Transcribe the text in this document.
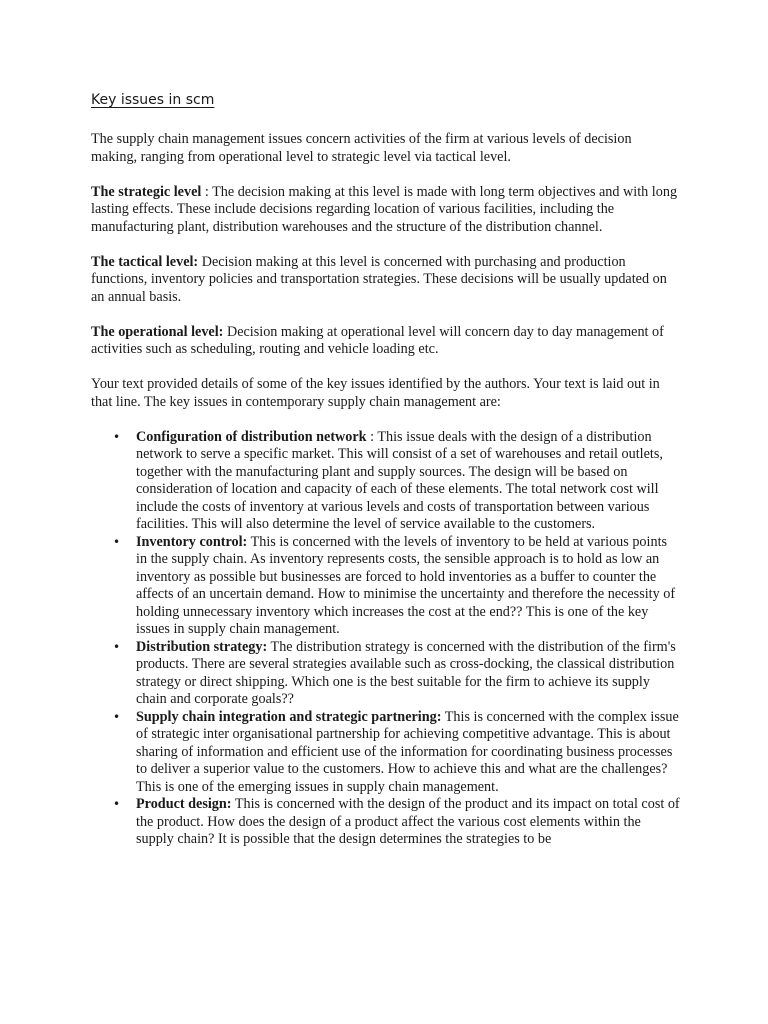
Key issues in scm

The supply chain management issues concern activities of the firm at various levels of decision making, ranging from operational level to strategic level via tactical level.

The strategic level : The decision making at this level is made with long term objectives and with long lasting effects. These include decisions regarding location of various facilities, including the manufacturing plant, distribution warehouses and the structure of the distribution channel.

The tactical level: Decision making at this level is concerned with purchasing and production functions, inventory policies and transportation strategies. These decisions will be usually updated on an annual basis.

The operational level: Decision making at operational level will concern day to day management of activities such as scheduling, routing and vehicle loading etc.

Your text provided details of some of the key issues identified by the authors. Your text is laid out in that line. The key issues in contemporary supply chain management are:

• Configuration of distribution network : This issue deals with the design of a distribution network to serve a specific market. This will consist of a set of warehouses and retail outlets, together with the manufacturing plant and supply sources. The design will be based on consideration of location and capacity of each of these elements. The total network cost will include the costs of inventory at various levels and costs of transportation between various facilities. This will also determine the level of service available to the customers.
• Inventory control: This is concerned with the levels of inventory to be held at various points in the supply chain. As inventory represents costs, the sensible approach is to hold as low an inventory as possible but businesses are forced to hold inventories as a buffer to counter the affects of an uncertain demand. How to minimise the uncertainty and therefore the necessity of holding unnecessary inventory which increases the cost at the end?? This is one of the key issues in supply chain management.
• Distribution strategy: The distribution strategy is concerned with the distribution of the firm's products. There are several strategies available such as cross-docking, the classical distribution strategy or direct shipping. Which one is the best suitable for the firm to achieve its supply chain and corporate goals??
• Supply chain integration and strategic partnering: This is concerned with the complex issue of strategic inter organisational partnership for achieving competitive advantage. This is about sharing of information and efficient use of the information for coordinating business processes to deliver a superior value to the customers. How to achieve this and what are the challenges? This is one of the emerging issues in supply chain management.
• Product design: This is concerned with the design of the product and its impact on total cost of the product. How does the design of a product affect the various cost elements within the supply chain? It is possible that the design determines the strategies to be
